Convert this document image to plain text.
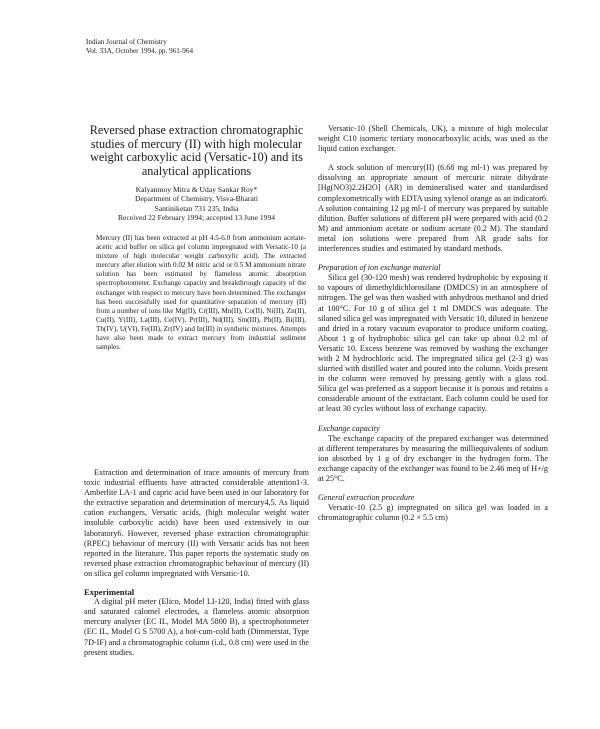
Indian Journal of Chemistry
Vol. 33A, October 1994, pp. 961-964
Reversed phase extraction chromatographic studies of mercury (II) with high molecular weight carboxylic acid (Versatic-10) and its analytical applications
Kalyanmoy Mitra & Uday Sankar Roy*
Department of Chemistry, Visva-Bharati
Santiniketan 731 235, India
Received 22 February 1994; accepted 13 June 1994
Mercury (II) has been extracted at pH 4.5-6.0 from ammonium acetate-acetic acid buffer on silica gel column impregnated with Versatic-10 (a mixture of high molecular weight carboxylic acid). The extracted mercury after elution with 0.02 M nitric acid or 0.5 M ammonium nitrate solution has been estimated by flameless atomic absorption spectrophotometer. Exchange capacity and breakthrough capacity of the exchanger with respect to mercury have been determined. The exchanger has been successfully used for quantitative separation of mercury (II) from a number of ions like Mg(II), Cr(III), Mn(II), Co(II), Ni(II), Zn(II), Cu(II), Y(III), La(III), Ce(IV), Pr(III), Nd(III), Sm(III), Pb(II), Bi(III), Th(IV), U(VI), Fe(III), Zr(IV) and In(III) in synthetic mixtures. Attempts have also been made to extract mercury from industrial sediment samples.

Extraction and determination of trace amounts of mercury from toxic industrial effluents have attracted considerable attention1-3. Amberlite LA-1 and capric acid have been used in our laboratory for the extractive separation and determination of mercury4,5. As liquid cation exchangers, Versatic acids, (high molecular weight water insoluble carboxylic acids) have been used extensively in our laboratory6. However, reversed phase extraction chromatographic (RPEC) behaviour of mercury (II) with Versatic acids has not been reported in the literature. This paper reports the systematic study on reversed phase extraction chromatographic behaviour of mercury (II) on silica gel column impregnated with Versatic-10.

Experimental

A digital pH meter (Elico, Model LI-120, India) fitted with glass and saturated calomel electrodes, a flameless atomic absorption mercury analyser (EC IL, Model MA 5800 B), a spectrophotometer (EC IL, Model G S 5700 A), a hot-cum-cold bath (Dimmerstat, Type 7D-IF) and a chromatographic column (i.d., 0.8 cm) were used in the present studies.

Versatic-10 (Shell Chemicals, UK), a mixture of high molecular weight C10 isomeric tertiary monocarboxylic acids, was used as the liquid cation exchanger.

A stock solution of mercury(II) (6.68 mg ml-1) was prepared by dissolving an appropriate amount of mercuric nitrate dihydrate [Hg(NO3)2.2H2O] (AR) in demineralised water and standardised complexometrically with EDTA using xylenol orange as an indicator6. A solution containing 12 µg ml-1 of mercury was prepared by suitable dilution. Buffer solutions of different pH were prepared with acid (0.2 M) and ammonium acetate or sodium acetate (0.2 M). The standard metal ion solutions were prepared from AR grade salts for interferences studies and estimated by standard methods.

Preparation of ion exchange material

Silica gel (30-120 mesh) was rendered hydrophobic by exposing it to vapours of dimethyldichlorosilane (DMDCS) in an atmosphere of nitrogen. The gel was then washed with anhydrous methanol and dried at 100°C. For 10 g of silica gel 1 ml DMDCS was adequate. The silaned silica gel was impregnated with Versatic 10, diluted in benzene and dried in a rotary vacuum evaporator to produce uniform coating. About 1 g of hydrophobic silica gel can take up about 0.2 ml of Versatic 10. Excess benzene was removed by washing the exchanger with 2 M hydrochloric acid. The impregnated silica gel (2-3 g) was slurried with distilled water and poured into the column. Voids present in the column were removed by pressing gently with a glass rod. Silica gel was preferred as a support because it is porous and retains a considerable amount of the extractant. Each column could be used for at least 30 cycles without loss of exchange capacity.

Exchange capacity

The exchange capacity of the prepared exchanger was determined at different temperatures by measuring the milliequivalents of sodium ion absorbed by 1 g of dry exchanger in the hydrogen form. The exchange capacity of the exchanger was found to be 2.46 meq of H+/g at 25°C.

General extraction procedure

Versatic-10 (2.5 g) impregnated on silica gel was loaded in a chromatographic column (0.2 × 5.5 cm)
